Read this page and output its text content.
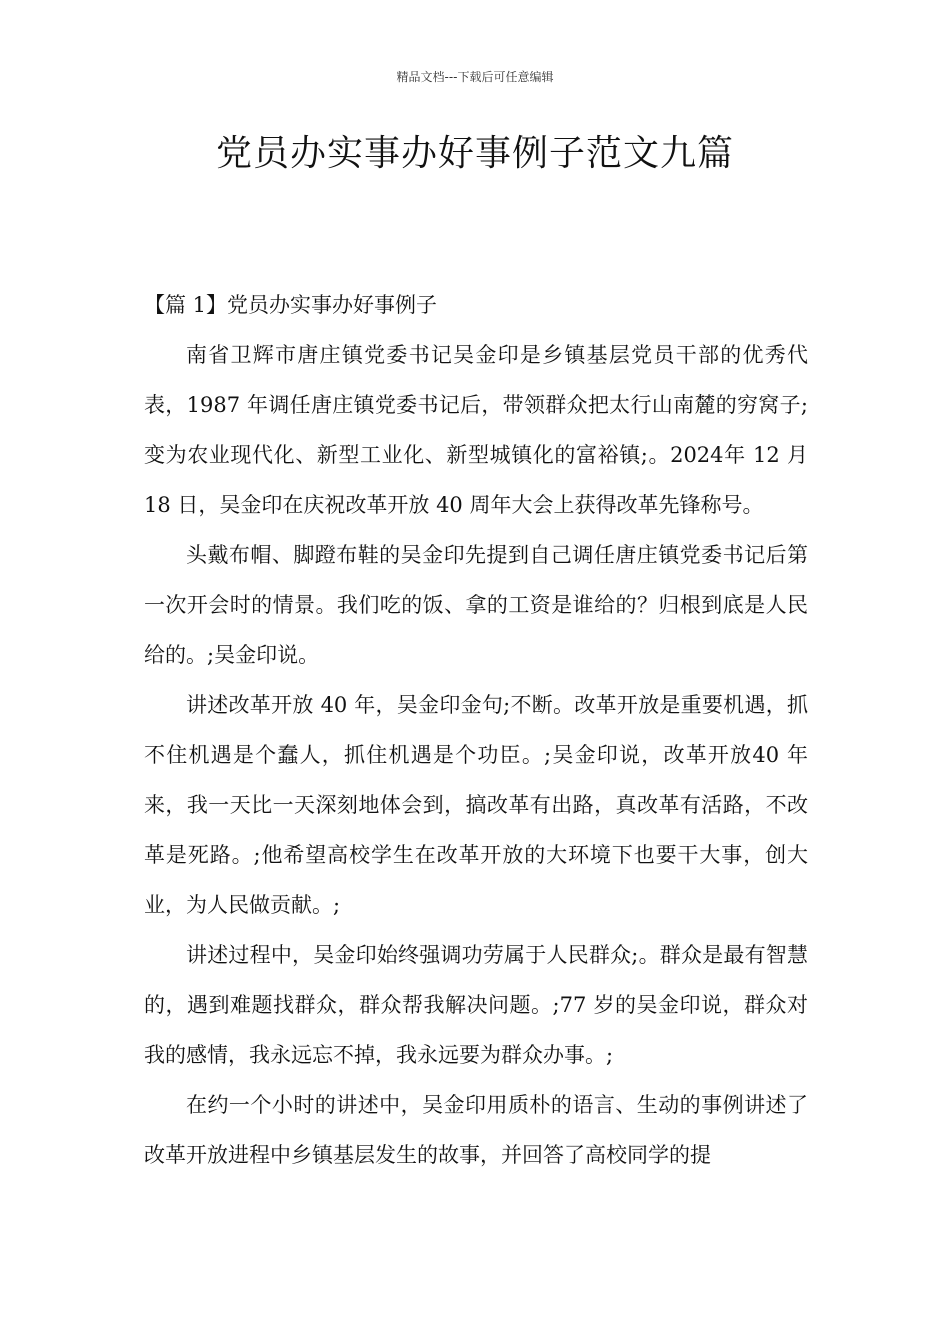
精品文档---下载后可任意编辑
党员办实事办好事例子范文九篇
【篇 1】党员办实事办好事例子

南省卫辉市唐庄镇党委书记吴金印是乡镇基层党员干部的优秀代表，1987 年调任唐庄镇党委书记后，带领群众把太行山南麓的穷窝子;变为农业现代化、新型工业化、新型城镇化的富裕镇;。2024年 12 月 18 日，吴金印在庆祝改革开放 40 周年大会上获得改革先锋称号。

头戴布帽、脚蹬布鞋的吴金印先提到自己调任唐庄镇党委书记后第一次开会时的情景。我们吃的饭、拿的工资是谁给的？归根到底是人民给的。;吴金印说。

讲述改革开放 40 年，吴金印金句;不断。改革开放是重要机遇，抓不住机遇是个蠢人，抓住机遇是个功臣。;吴金印说，改革开放40 年来，我一天比一天深刻地体会到，搞改革有出路，真改革有活路，不改革是死路。;他希望高校学生在改革开放的大环境下也要干大事，创大业，为人民做贡献。;

讲述过程中，吴金印始终强调功劳属于人民群众;。群众是最有智慧的，遇到难题找群众，群众帮我解决问题。;77 岁的吴金印说，群众对我的感情，我永远忘不掉，我永远要为群众办事。;

在约一个小时的讲述中，吴金印用质朴的语言、生动的事例讲述了改革开放进程中乡镇基层发生的故事，并回答了高校同学的提
